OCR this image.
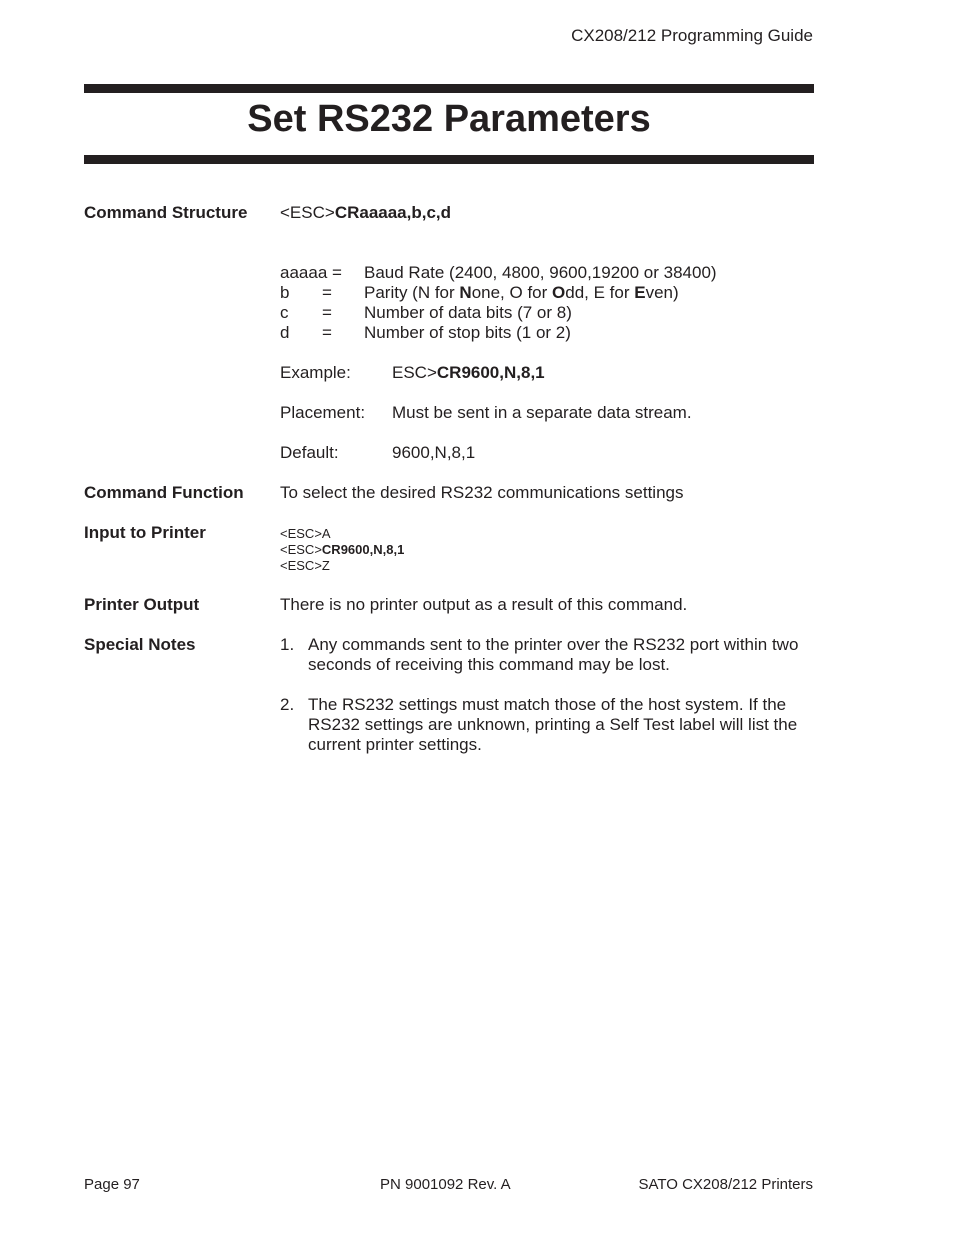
CX208/212 Programming Guide
Set RS232 Parameters
Command Structure <ESC>CRaaaaa,b,c,d
aaaaa = Baud Rate (2400, 4800, 9600,19200 or 38400)
b = Parity (N for None, O for Odd, E for Even)
c = Number of data bits (7 or 8)
d = Number of stop bits (1 or 2)
Example: ESC>CR9600,N,8,1
Placement: Must be sent in a separate data stream.
Default:	9600,N,8,1
Command Function To select the desired RS232 communications settings
Input to Printer	<ESC>A
<ESC>CR9600,N,8,1
<ESC>Z
Printer Output	There is no printer output as a result of this command.
Special Notes	1. Any commands sent to the printer over the RS232 port within two seconds of receiving this command may be lost.
2. The RS232 settings must match those of the host system. If the RS232 settings are unknown, printing a Self Test label will list the current printer settings.
Page 97	PN 9001092 Rev. A	SATO CX208/212 Printers
